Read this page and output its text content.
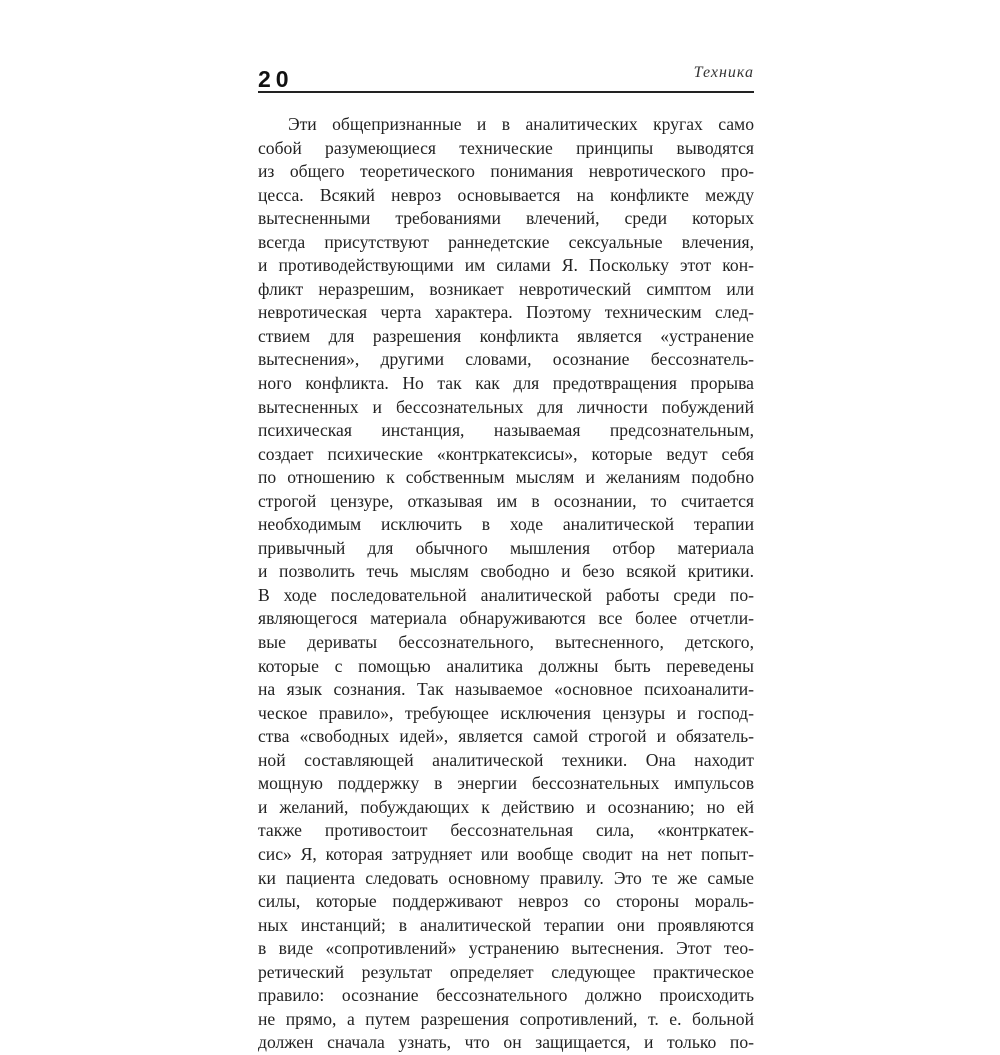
20	Техника
Эти общепризнанные и в аналитических кругах само
собой разумеющиеся технические принципы выводятся
из общего теоретического понимания невротического про-
цесса. Всякий невроз основывается на конфликте между
вытесненными требованиями влечений, среди которых
всегда присутствуют раннедетские сексуальные влечения,
и противодействующими им силами Я. Поскольку этот кон-
фликт неразрешим, возникает невротический симптом или
невротическая черта характера. Поэтому техническим след-
ствием для разрешения конфликта является «устранение
вытеснения», другими словами, осознание бессознатель-
ного конфликта. Но так как для предотвращения прорыва
вытесненных и бессознательных для личности побуждений
психическая инстанция, называемая предсознательным,
создает психические «контркатексисы», которые ведут себя
по отношению к собственным мыслям и желаниям подобно
строгой цензуре, отказывая им в осознании, то считается
необходимым исключить в ходе аналитической терапии
привычный для обычного мышления отбор материала
и позволить течь мыслям свободно и безо всякой критики.
В ходе последовательной аналитической работы среди по-
являющегося материала обнаруживаются все более отчетли-
вые дериваты бессознательного, вытесненного, детского,
которые с помощью аналитика должны быть переведены
на язык сознания. Так называемое «основное психоаналити-
ческое правило», требующее исключения цензуры и господ-
ства «свободных идей», является самой строгой и обязатель-
ной составляющей аналитической техники. Она находит
мощную поддержку в энергии бессознательных импульсов
и желаний, побуждающих к действию и осознанию; но ей
также противостоит бессознательная сила, «контркатек-
сис» Я, которая затрудняет или вообще сводит на нет попыт-
ки пациента следовать основному правилу. Это те же самые
силы, которые поддерживают невроз со стороны мораль-
ных инстанций; в аналитической терапии они проявляются
в виде «сопротивлений» устранению вытеснения. Этот тео-
ретический результат определяет следующее практическое
правило: осознание бессознательного должно происходить
не прямо, а путем разрешения сопротивлений, т. е. больной
должен сначала узнать, что он защищается, и только по-
